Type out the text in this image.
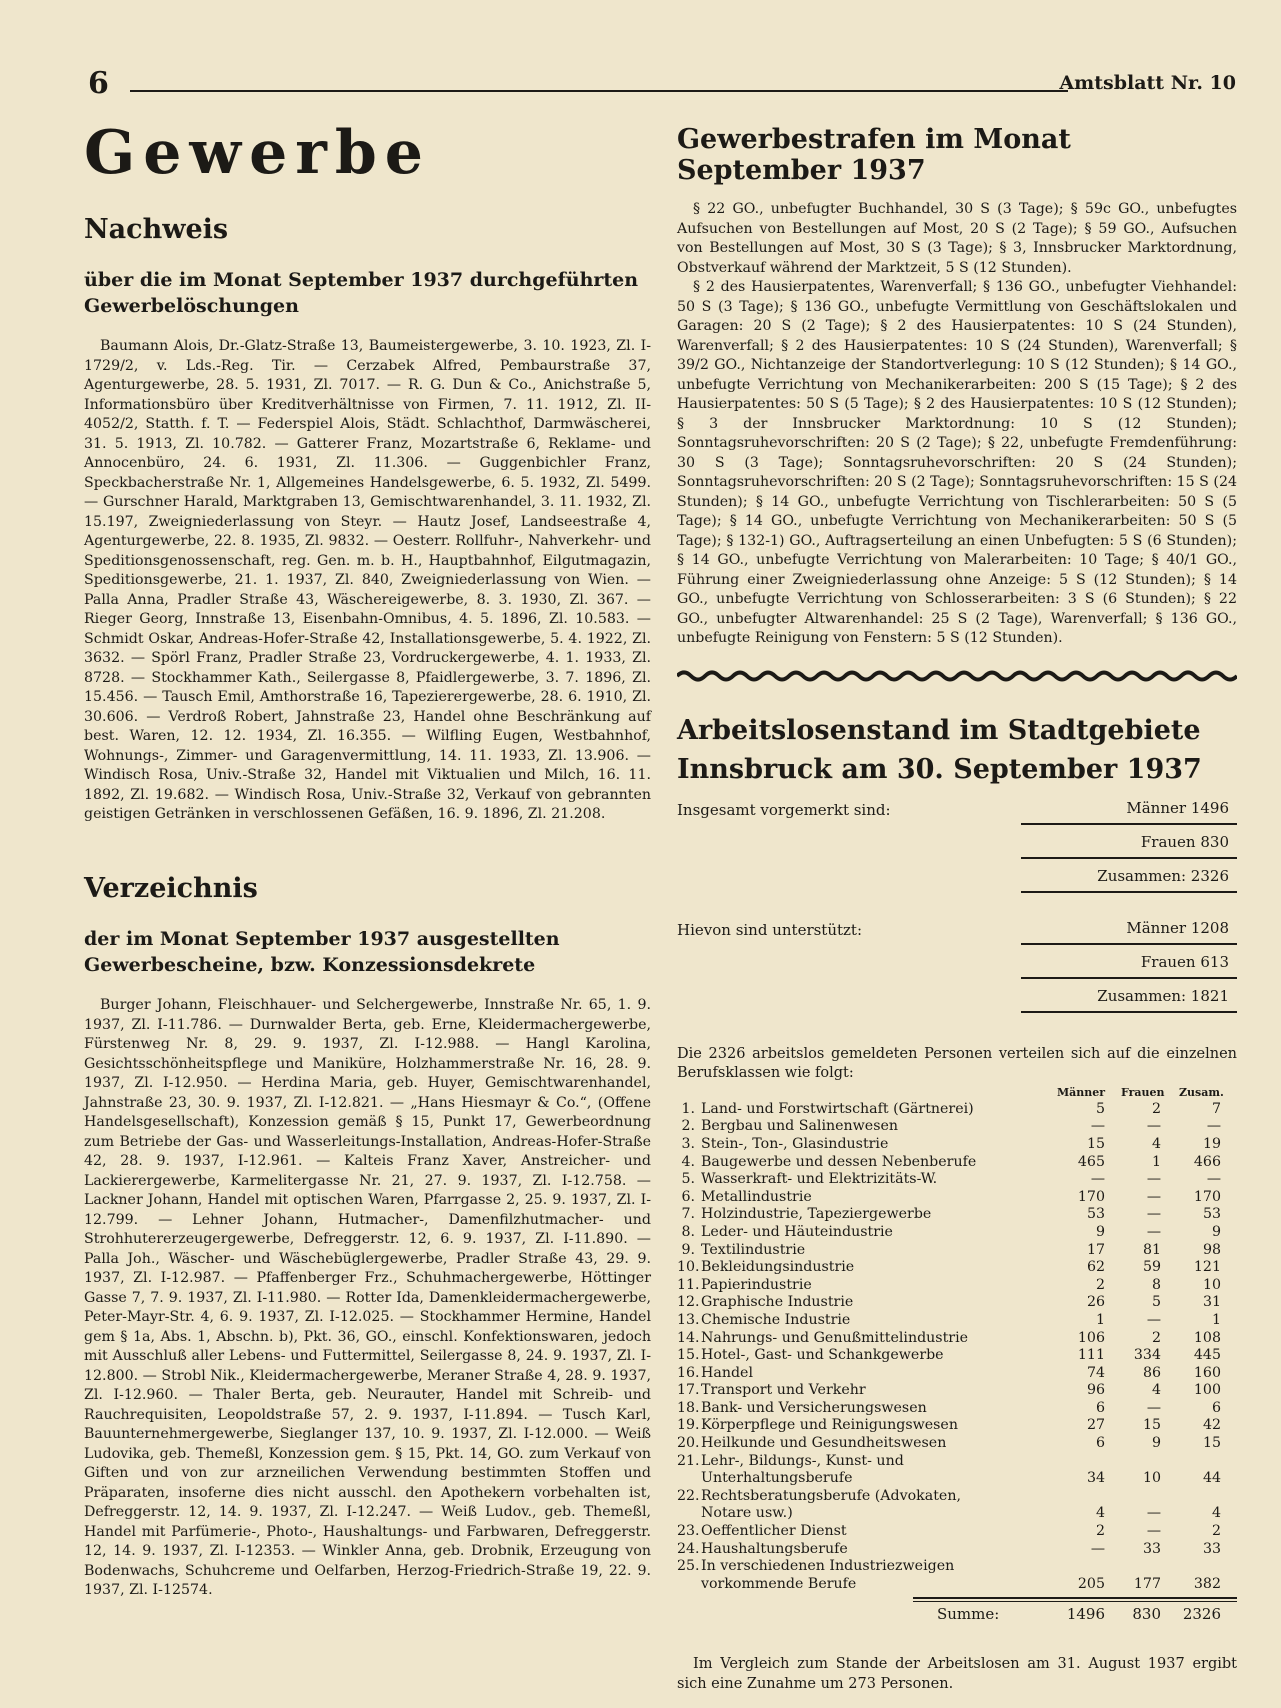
6	Amtsblatt Nr. 10
Gewerbe
Nachweis
über die im Monat September 1937 durchgeführten Gewerbelöschungen

Baumann Alois, Dr.-Glatz-Straße 13, Baumeistergewerbe, 3. 10. 1923, Zl. I-1729/2, v. Lds.-Reg. Tir. — Cerzabek Alfred, Pembaurstraße 37, Agenturgewerbe, 28. 5. 1931, Zl. 7017. — R. G. Dun & Co., Anichstraße 5, Informationsbüro über Kreditverhältnisse von Firmen, 7. 11. 1912, Zl. II-4052/2, Statth. f. T. — Federspiel Alois, Städt. Schlachthof, Darmwäscherei, 31. 5. 1913, Zl. 10.782. — Gatterer Franz, Mozartstraße 6, Reklame- und Annocenbüro, 24. 6. 1931, Zl. 11.306. — Guggenbichler Franz, Speckbacherstraße Nr. 1, Allgemeines Handelsgewerbe, 6. 5. 1932, Zl. 5499. — Gurschner Harald, Marktgraben 13, Gemischtwarenhandel, 3. 11. 1932, Zl. 15.197, Zweigniederlassung von Steyr. — Hautz Josef, Landseestraße 4, Agenturgewerbe, 22. 8. 1935, Zl. 9832. — Oesterr. Rollfuhr-, Nahverkehr- und Speditionsgenossenschaft, reg. Gen. m. b. H., Hauptbahnhof, Eilgutmagazin, Speditionsgewerbe, 21. 1. 1937, Zl. 840, Zweigniederlassung von Wien. — Palla Anna, Pradler Straße 43, Wäschereigewerbe, 8. 3. 1930, Zl. 367. — Rieger Georg, Innstraße 13, Eisenbahn-Omnibus, 4. 5. 1896, Zl. 10.583. — Schmidt Oskar, Andreas-Hofer-Straße 42, Installationsgewerbe, 5. 4. 1922, Zl. 3632. — Spörl Franz, Pradler Straße 23, Vordruckergewerbe, 4. 1. 1933, Zl. 8728. — Stockhammer Kath., Seilergasse 8, Pfaidlergewerbe, 3. 7. 1896, Zl. 15.456. — Tausch Emil, Amthorstraße 16, Tapezierergewerbe, 28. 6. 1910, Zl. 30.606. — Verdroß Robert, Jahnstraße 23, Handel ohne Beschränkung auf best. Waren, 12. 12. 1934, Zl. 16.355. — Wilfling Eugen, Westbahnhof, Wohnungs-, Zimmer- und Garagenvermittlung, 14. 11. 1933, Zl. 13.906. — Windisch Rosa, Univ.-Straße 32, Handel mit Viktualien und Milch, 16. 11. 1892, Zl. 19.682. — Windisch Rosa, Univ.-Straße 32, Verkauf von gebrannten geistigen Getränken in verschlossenen Gefäßen, 16. 9. 1896, Zl. 21.208.

Verzeichnis
der im Monat September 1937 ausgestellten Gewerbescheine, bzw. Konzessionsdekrete

Burger Johann, Fleischhauer- und Selchergewerbe, Innstraße Nr. 65, 1. 9. 1937, Zl. I-11.786. — Durnwalder Berta, geb. Erne, Kleidermachergewerbe, Fürstenweg Nr. 8, 29. 9. 1937, Zl. I-12.988. — Hangl Karolina, Gesichtsschönheitspflege und Maniküre, Holzhammerstraße Nr. 16, 28. 9. 1937, Zl. I-12.950. — Herdina Maria, geb. Huyer, Gemischtwarenhandel, Jahnstraße 23, 30. 9. 1937, Zl. I-12.821. — „Hans Hiesmayr & Co.“, (Offene Handelsgesellschaft), Konzession gemäß § 15, Punkt 17, Gewerbeordnung zum Betriebe der Gas- und Wasserleitungs-Installation, Andreas-Hofer-Straße 42, 28. 9. 1937, I-12.961. — Kalteis Franz Xaver, Anstreicher- und Lackierergewerbe, Karmelitergasse Nr. 21, 27. 9. 1937, Zl. I-12.758. — Lackner Johann, Handel mit optischen Waren, Pfarrgasse 2, 25. 9. 1937, Zl. I-12.799. — Lehner Johann, Hutmacher-, Damenfilzhutmacher- und Strohhutererzeugergewerbe, Defreggerstr. 12, 6. 9. 1937, Zl. I-11.890. — Palla Joh., Wäscher- und Wäschebüglergewerbe, Pradler Straße 43, 29. 9. 1937, Zl. I-12.987. — Pfaffenberger Frz., Schuhmachergewerbe, Höttinger Gasse 7, 7. 9. 1937, Zl. I-11.980. — Rotter Ida, Damenkleidermachergewerbe, Peter-Mayr-Str. 4, 6. 9. 1937, Zl. I-12.025. — Stockhammer Hermine, Handel gem § 1a, Abs. 1, Abschn. b), Pkt. 36, GO., einschl. Konfektionswaren, jedoch mit Ausschluß aller Lebens- und Futtermittel, Seilergasse 8, 24. 9. 1937, Zl. I-12.800. — Strobl Nik., Kleidermachergewerbe, Meraner Straße 4, 28. 9. 1937, Zl. I-12.960. — Thaler Berta, geb. Neurauter, Handel mit Schreib- und Rauchrequisiten, Leopoldstraße 57, 2. 9. 1937, I-11.894. — Tusch Karl, Bauunternehmergewerbe, Sieglanger 137, 10. 9. 1937, Zl. I-12.000. — Weiß Ludovika, geb. Themeßl, Konzession gem. § 15, Pkt. 14, GO. zum Verkauf von Giften und von zur arzneilichen Verwendung bestimmten Stoffen und Präparaten, insoferne dies nicht ausschl. den Apothekern vorbehalten ist, Defreggerstr. 12, 14. 9. 1937, Zl. I-12.247. — Weiß Ludov., geb. Themeßl, Handel mit Parfümerie-, Photo-, Haushaltungs- und Farbwaren, Defreggerstr. 12, 14. 9. 1937, Zl. I-12353. — Winkler Anna, geb. Drobnik, Erzeugung von Bodenwachs, Schuhcreme und Oelfarben, Herzog-Friedrich-Straße 19, 22. 9. 1937, Zl. I-12574.

Gewerbestrafen im Monat September 1937

§ 22 GO., unbefugter Buchhandel, 30 S (3 Tage); § 59c GO., unbefugtes Aufsuchen von Bestellungen auf Most, 20 S (2 Tage); § 59 GO., Aufsuchen von Bestellungen auf Most, 30 S (3 Tage); § 3, Innsbrucker Marktordnung, Obstverkauf während der Marktzeit, 5 S (12 Stunden).

§ 2 des Hausierpatentes, Warenverfall; § 136 GO., unbefugter Viehhandel: 50 S (3 Tage); § 136 GO., unbefugte Vermittlung von Geschäftslokalen und Garagen: 20 S (2 Tage); § 2 des Hausierpatentes: 10 S (24 Stunden), Warenverfall; § 2 des Hausierpatentes: 10 S (24 Stunden), Warenverfall; § 39/2 GO., Nichtanzeige der Standortverlegung: 10 S (12 Stunden); § 14 GO., unbefugte Verrichtung von Mechanikerarbeiten: 200 S (15 Tage); § 2 des Hausierpatentes: 50 S (5 Tage); § 2 des Hausierpatentes: 10 S (12 Stunden); § 3 der Innsbrucker Marktordnung: 10 S (12 Stunden); Sonntagsruhevorschriften: 20 S (2 Tage); § 22, unbefugte Fremdenführung: 30 S (3 Tage); Sonntagsruhevorschriften: 20 S (24 Stunden); Sonntagsruhevorschriften: 20 S (2 Tage); Sonntagsruhevorschriften: 15 S (24 Stunden); § 14 GO., unbefugte Verrichtung von Tischlerarbeiten: 50 S (5 Tage); § 14 GO., unbefugte Verrichtung von Mechanikerarbeiten: 50 S (5 Tage); § 132-1) GO., Auftragserteilung an einen Unbefugten: 5 S (6 Stunden); § 14 GO., unbefugte Verrichtung von Malerarbeiten: 10 Tage; § 40/1 GO., Führung einer Zweigniederlassung ohne Anzeige: 5 S (12 Stunden); § 14 GO., unbefugte Verrichtung von Schlosserarbeiten: 3 S (6 Stunden); § 22 GO., unbefugter Altwarenhandel: 25 S (2 Tage), Warenverfall; § 136 GO., unbefugte Reinigung von Fenstern: 5 S (12 Stunden).

Arbeitslosenstand im Stadtgebiete Innsbruck am 30. September 1937
Insgesamt vorgemerkt sind:	Männer 1496
Frauen 830
Zusammen: 2326
Hievon sind unterstützt:	Männer 1208
Frauen 613
Zusammen: 1821

Die 2326 arbeitslos gemeldeten Personen verteilen sich auf die einzelnen Berufsklassen wie folgt:

Männer Frauen Zusam.
1. Land- und Forstwirtschaft (Gärtnerei)	5	2	7
2. Bergbau und Salinenwesen	—	—	—
3. Stein-, Ton-, Glasindustrie	15	4	19
4. Baugewerbe und dessen Nebenberufe	465	1	466
5. Wasserkraft- und Elektrizitäts-W.	—	—	—
6. Metallindustrie	170	—	170
7. Holzindustrie, Tapeziergewerbe	53	—	53
8. Leder- und Häuteindustrie	9	—	9
9. Textilindustrie	17	81	98
10. Bekleidungsindustrie	62	59	121
11. Papierindustrie	2	8	10
12. Graphische Industrie	26	5	31
13. Chemische Industrie	1	—	1
14. Nahrungs- und Genußmittelindustrie	106	2	108
15. Hotel-, Gast- und Schankgewerbe	111	334	445
16. Handel	74	86	160
17. Transport und Verkehr	96	4	100
18. Bank- und Versicherungswesen	6	—	6
19. Körperpflege und Reinigungswesen	27	15	42
20. Heilkunde und Gesundheitswesen	6	9	15
21. Lehr-, Bildungs-, Kunst- und Unterhaltungsberufe	34	10	44
22. Rechtsberatungsberufe (Advokaten, Notare usw.)	4	—	4
23. Oeffentlicher Dienst	2	—	2
24. Haushaltungsberufe	—	33	33
25. In verschiedenen Industriezweigen vorkommende Berufe	205	177	382
Summe:	1496	830	2326

Im Vergleich zum Stande der Arbeitslosen am 31. August 1937 ergibt sich eine Zunahme um 273 Personen.
